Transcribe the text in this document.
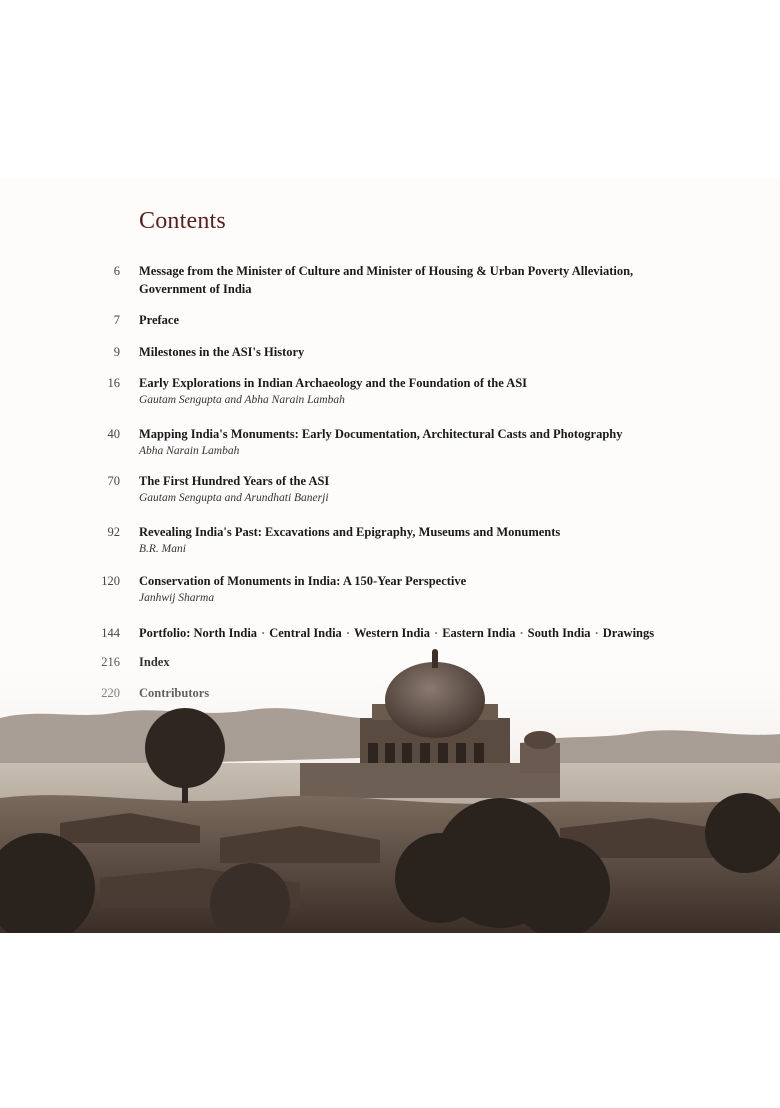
Contents
6 Message from the Minister of Culture and Minister of Housing & Urban Poverty Alleviation,
Government of India
7 Preface
9 Milestones in the ASI's History
16 Early Explorations in Indian Archaeology and the Foundation of the ASI
Gautam Sengupta and Abha Narain Lambah
40 Mapping India's Monuments: Early Documentation, Architectural Casts and Photography
Abha Narain Lambah
70 The First Hundred Years of the ASI
Gautam Sengupta and Arundhati Banerji
92 Revealing India's Past: Excavations and Epigraphy, Museums and Monuments
B.R. Mani
120 Conservation of Monuments in India: A 150-Year Perspective
Janhwij Sharma
144 Portfolio: North India · Central India · Western India · Eastern India · South India · Drawings
